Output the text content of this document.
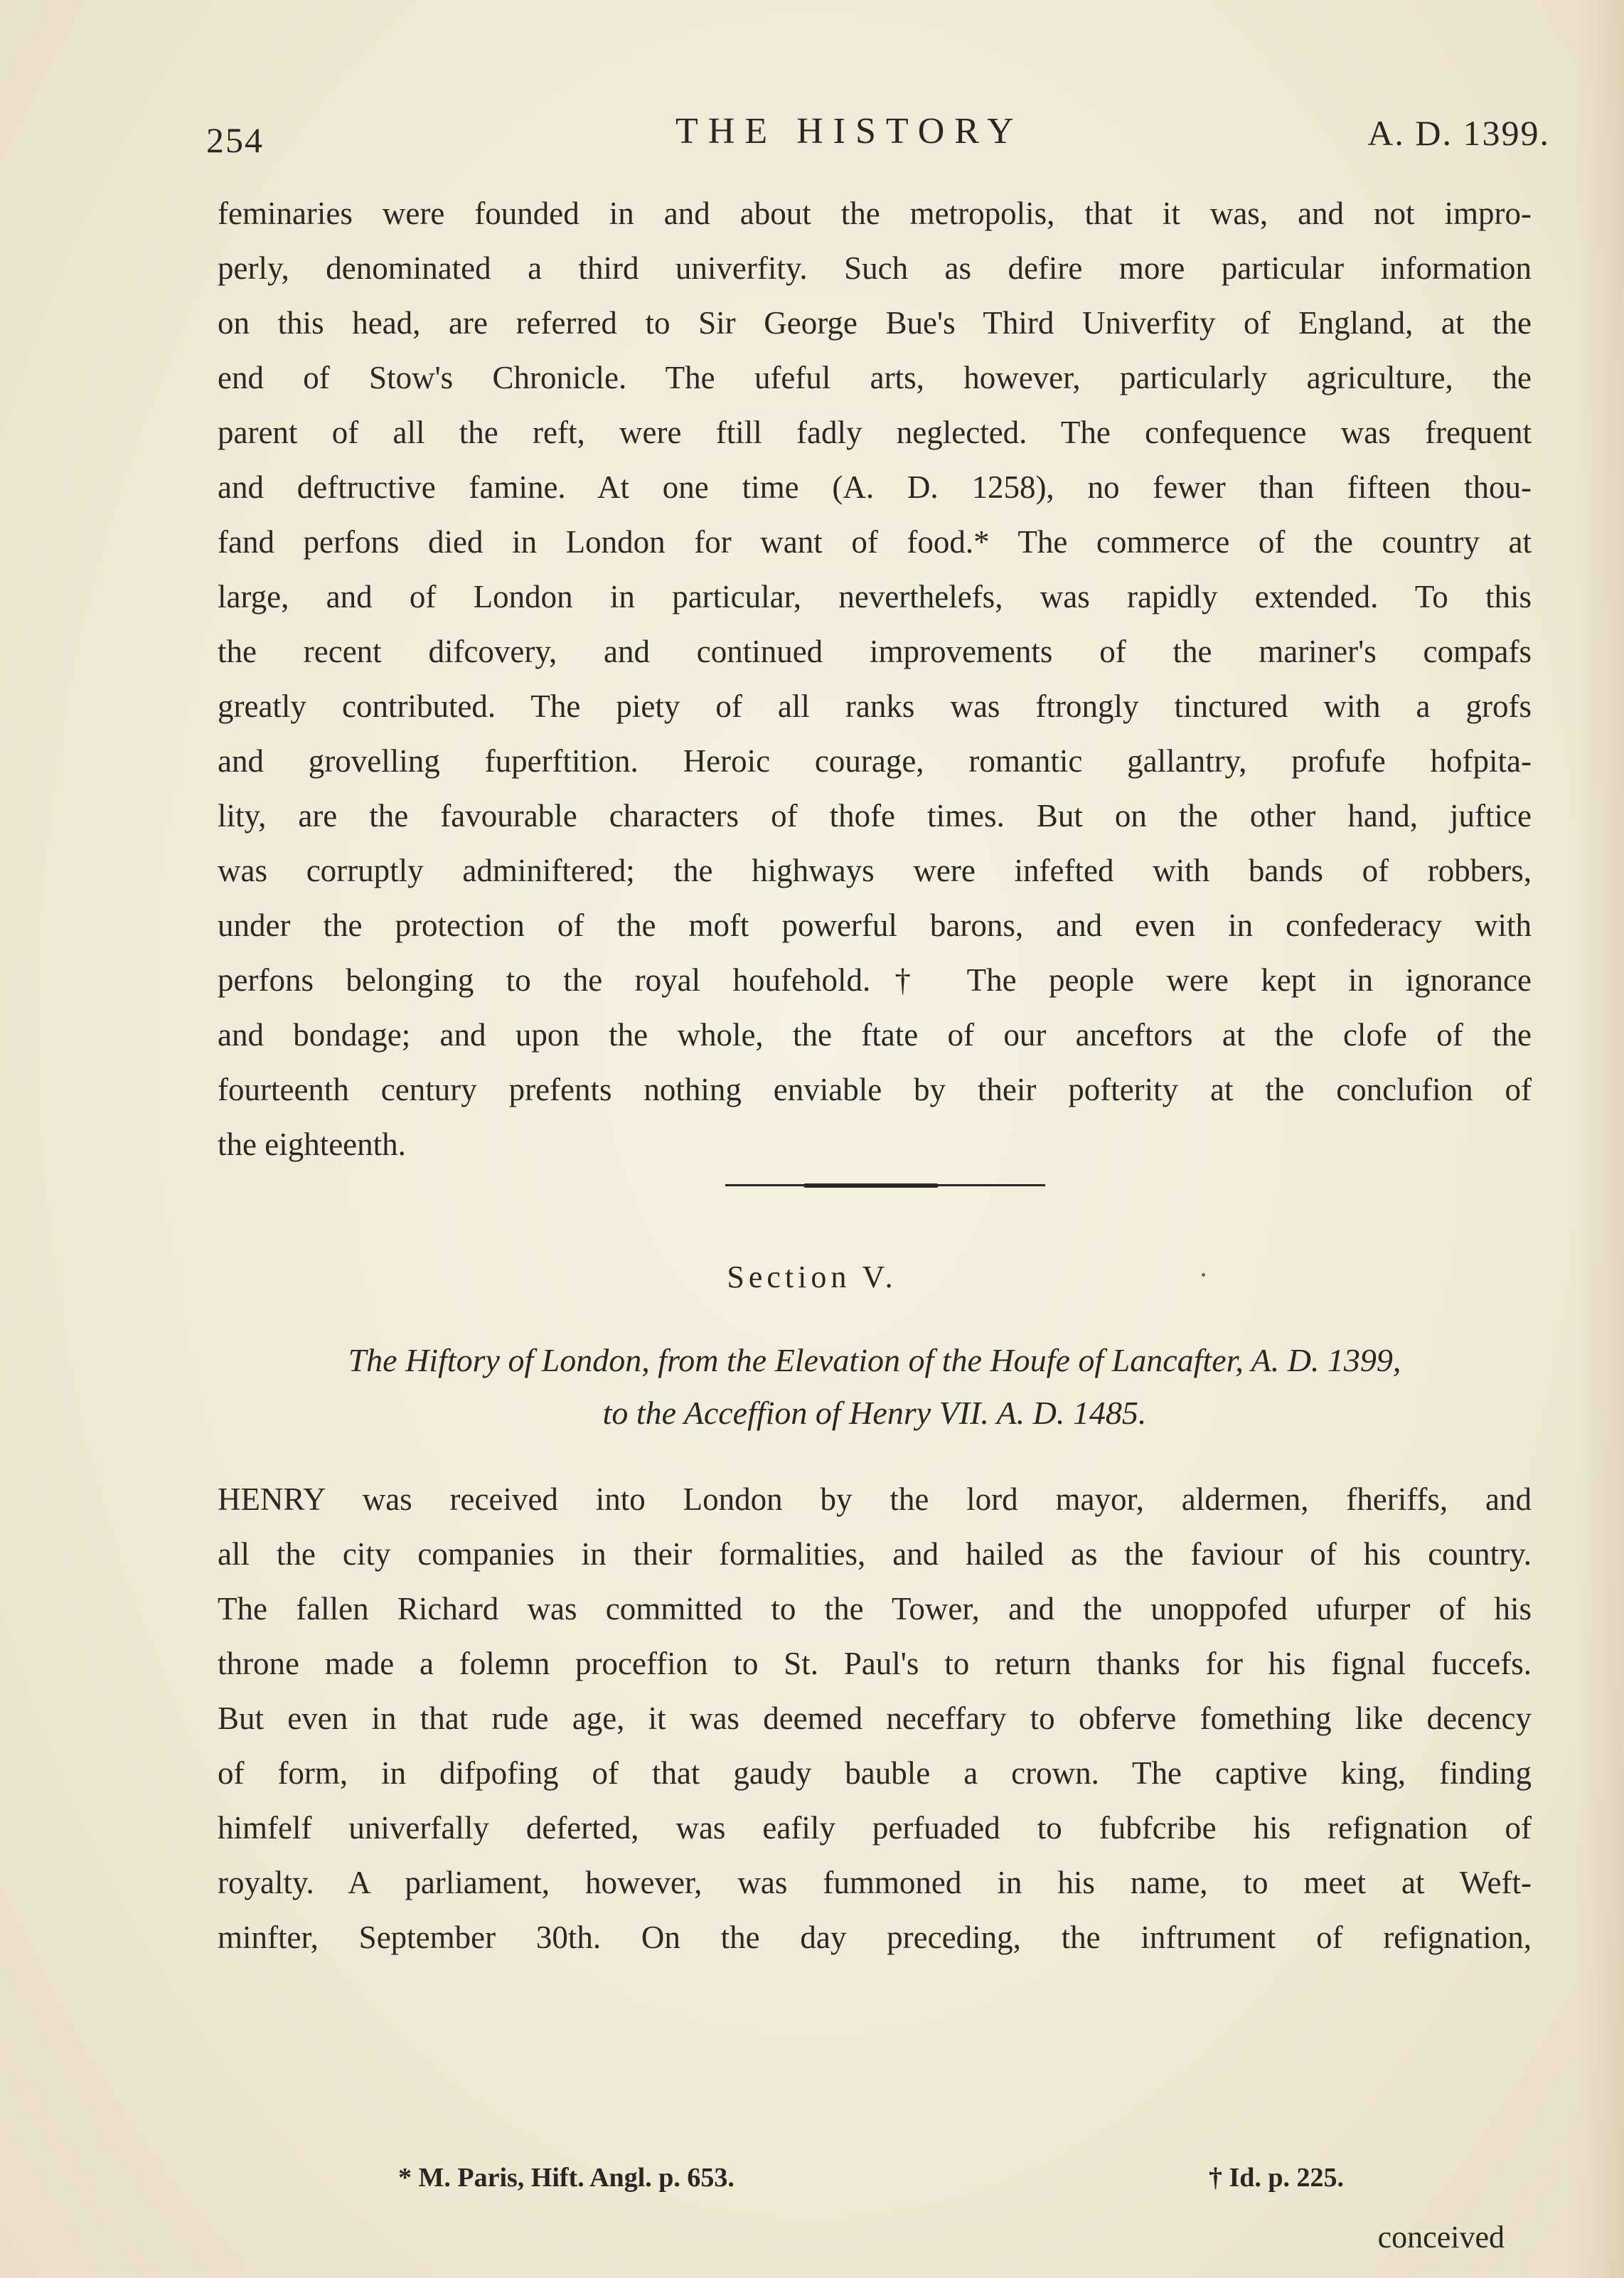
254	THE HISTORY	A. D. 1399.
feminaries were founded in and about the metropolis, that it was, and not impro-
perly, denominated a third univerfity. Such as defire more particular information
on this head, are referred to Sir George Bue's Third Univerfity of England, at the
end of Stow's Chronicle. The ufeful arts, however, particularly agriculture, the
parent of all the reft, were ftill fadly neglected. The confequence was frequent
and deftructive famine. At one time (A. D. 1258), no fewer than fifteen thou-
fand perfons died in London for want of food.* The commerce of the country at
large, and of London in particular, neverthelefs, was rapidly extended. To this
the recent difcovery, and continued improvements of the mariner's compafs
greatly contributed. The piety of all ranks was ftrongly tinctured with a grofs
and grovelling fuperftition. Heroic courage, romantic gallantry, profufe hofpita-
lity, are the favourable characters of thofe times. But on the other hand, juftice
was corruptly adminiftered; the highways were infefted with bands of robbers,
under the protection of the moft powerful barons, and even in confederacy with
perfons belonging to the royal houfehold.† The people were kept in ignorance
and bondage; and upon the whole, the ftate of our anceftors at the clofe of the
fourteenth century prefents nothing enviable by their pofterity at the conclufion of
the eighteenth.
Section V.
The Hiftory of London, from the Elevation of the Houfe of Lancafter, A. D. 1399,
to the Acceffion of Henry VII. A. D. 1485.
HENRY was received into London by the lord mayor, aldermen, fheriffs, and
all the city companies in their formalities, and hailed as the faviour of his country.
The fallen Richard was committed to the Tower, and the unoppofed ufurper of his
throne made a folemn proceffion to St. Paul's to return thanks for his fignal fuccefs.
But even in that rude age, it was deemed neceffary to obferve fomething like decency
of form, in difpofing of that gaudy bauble a crown. The captive king, finding
himfelf univerfally deferted, was eafily perfuaded to fubfcribe his refignation of
royalty. A parliament, however, was fummoned in his name, to meet at Weft-
minfter, September 30th. On the day preceding, the inftrument of refignation,
* M. Paris, Hift. Angl. p. 653.	† Id. p. 225.
conceived
